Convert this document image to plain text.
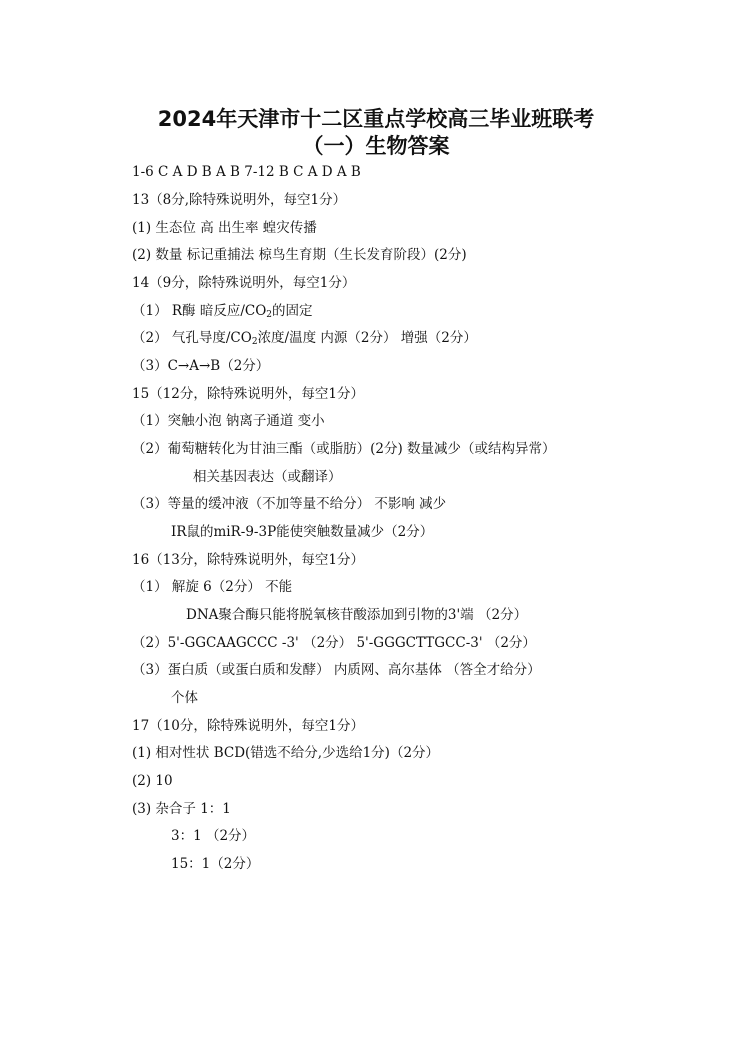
2024年天津市十二区重点学校高三毕业班联考
（一）生物答案
1-6 C A D B A B 7-12 B C A D A B
13（8分,除特殊说明外，每空1分）
(1) 生态位 高 出生率 蝗灾传播
(2) 数量 标记重捕法 椋鸟生育期（生长发育阶段）(2分)
14（9分，除特殊说明外，每空1分）
（1） R酶 暗反应$/CO_2$的固定
（2） 气孔导度$/CO_2$浓度/温度 内源（2分） 增强（2分）
（3）C→A→B（2分）
15（12分，除特殊说明外，每空1分）
（1）突触小泡 钠离子通道 变小
（2）葡萄糖转化为甘油三酯（或脂肪）(2分) 数量减少（或结构异常）
相关基因表达（或翻译）
（3）等量的缓冲液（不加等量不给分） 不影响 减少
IR鼠的miR-9-3P能使突触数量减少（2分）
16（13分，除特殊说明外，每空1分）
（1） 解旋 6（2分） 不能
DNA聚合酶只能将脱氧核苷酸添加到引物的3'端 （2分）
（2）5'-GGCAAGCCC -3' （2分） 5'-GGGCTTGCC-3' （2分）
（3）蛋白质（或蛋白质和发酵） 内质网、高尔基体 （答全才给分）
个体
17（10分，除特殊说明外，每空1分）
(1) 相对性状 BCD(错选不给分,少选给1分)（2分）
(2) 10
(3) 杂合子 1：1
3：1 （2分）
15：1（2分）
